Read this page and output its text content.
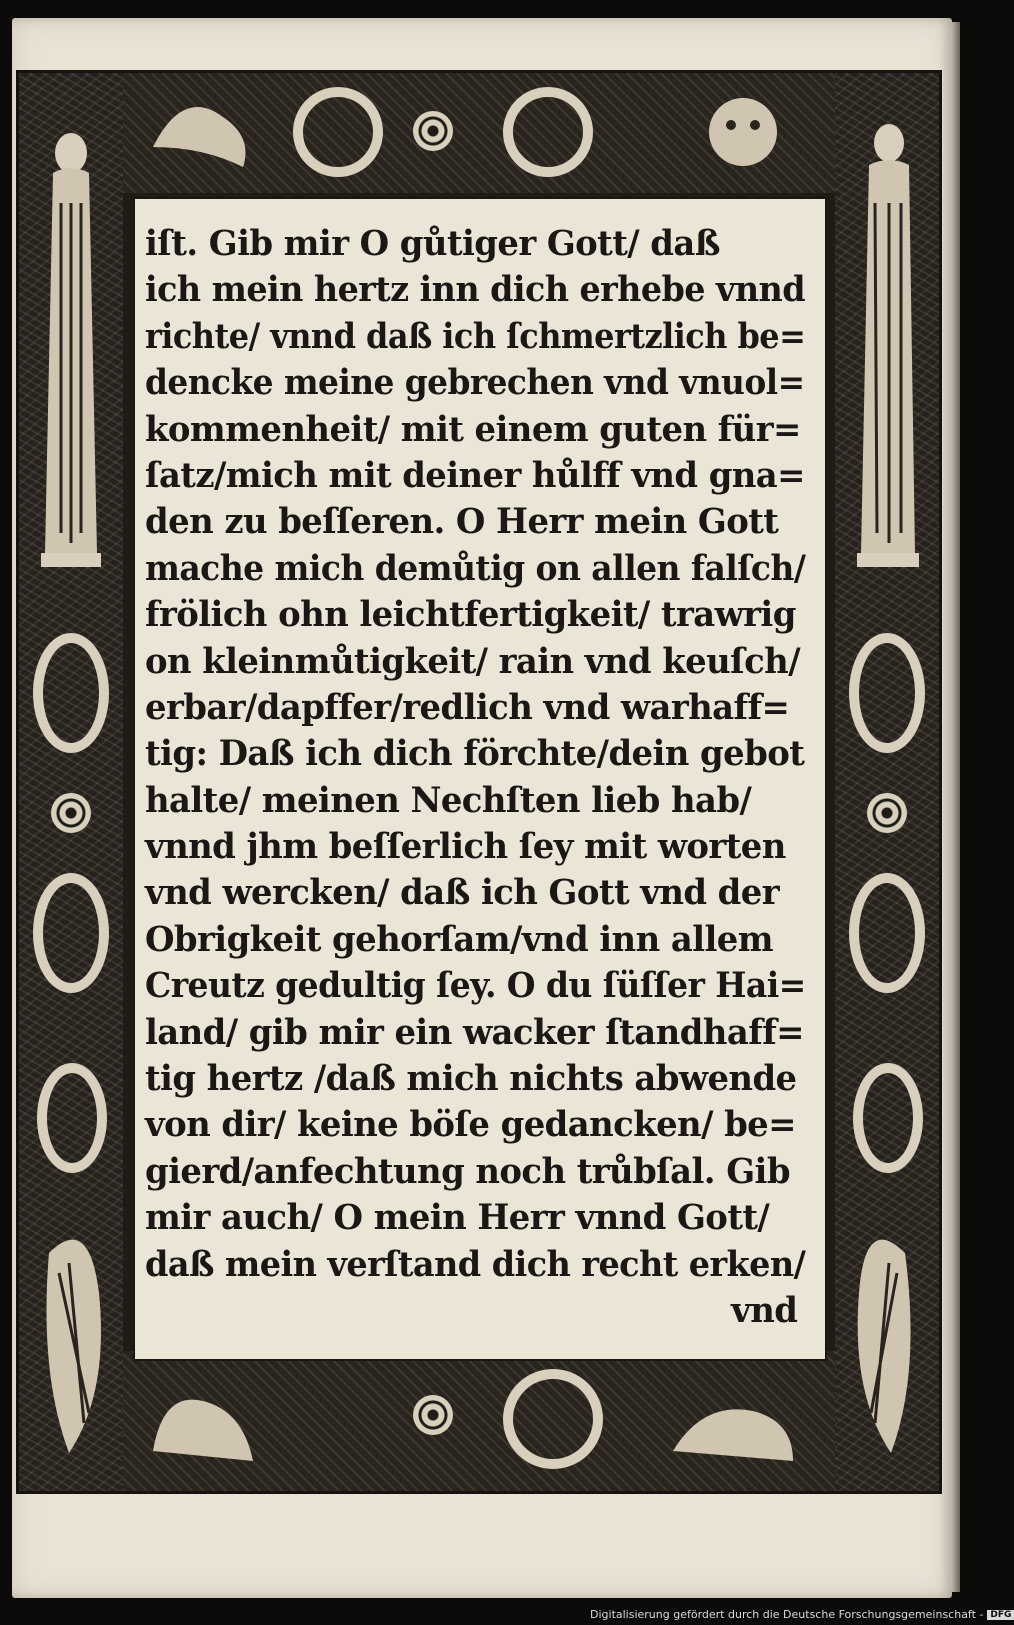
iſt. Gib mir O gůtiger Gott/ daß
ich mein hertz inn dich erhebe vnnd
richte/ vnnd daß ich ſchmertzlich be=
dencke meine gebrechen vnd vnuol=
kommenheit/ mit einem guten für=
ſatz/mich mit deiner hůlff vnd gna=
den zu beſſeren. O Herr mein Gott
mache mich demůtig on allen falſch/
frölich ohn leichtfertigkeit/ trawrig
on kleinmůtigkeit/ rain vnd keuſch/
erbar/dapffer/redlich vnd warhaff=
tig: Daß ich dich förchte/dein gebot
halte/ meinen Nechſten lieb hab/
vnnd jhm beſſerlich ſey mit worten
vnd wercken/ daß ich Gott vnd der
Obrigkeit gehorſam/vnd inn allem
Creutz gedultig ſey. O du ſüſſer Hai=
land/ gib mir ein wacker ſtandhaff=
tig hertz /daß mich nichts abwende
von dir/ keine böſe gedancken/ be=
gierd/anfechtung noch trůbſal. Gib
mir auch/ O mein Herr vnnd Gott/
daß mein verſtand dich recht erken/
vnd
Digitalisierung gefördert durch die Deutsche Forschungsgemeinschaft - DFG
